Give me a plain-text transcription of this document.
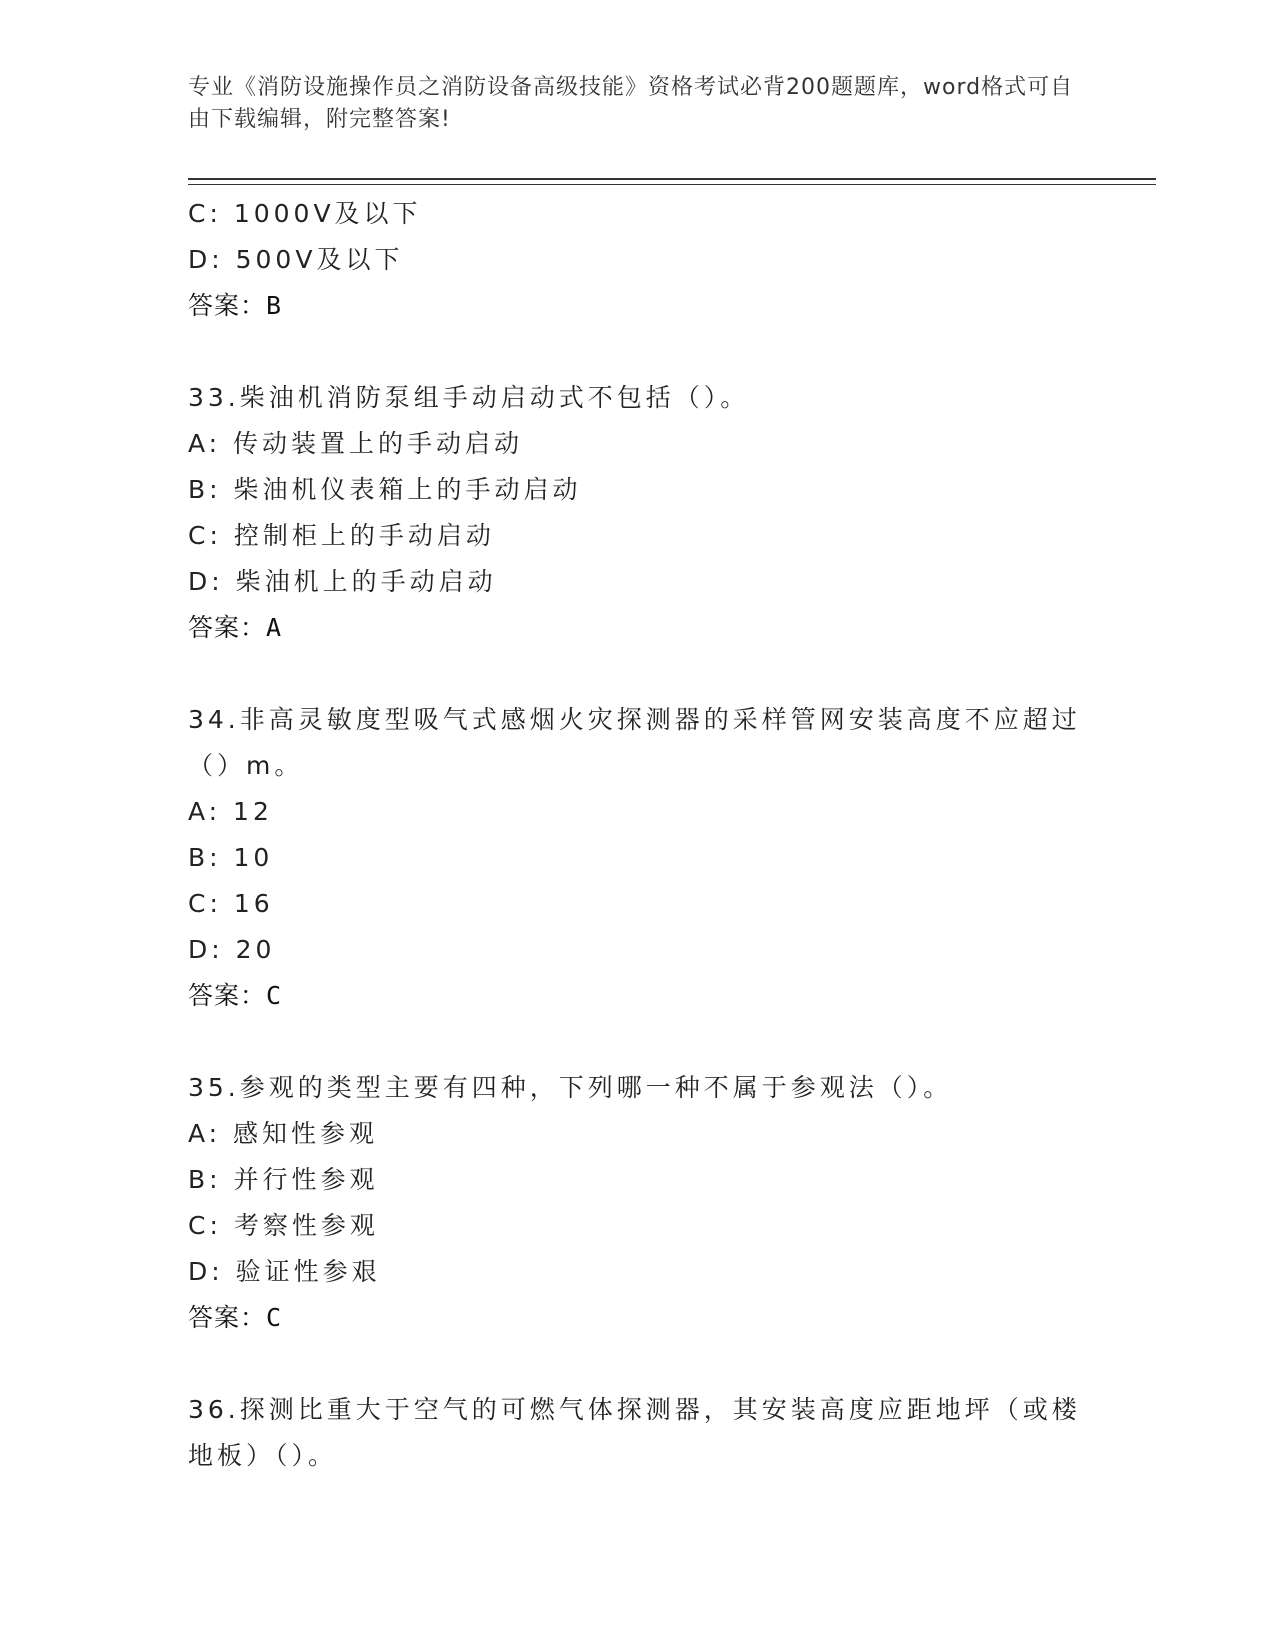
专业《消防设施操作员之消防设备高级技能》资格考试必背200题题库，word格式可自由下载编辑，附完整答案!
C: 1000V及以下
D: 500V及以下
答案：B
33.柴油机消防泵组手动启动式不包括（）。
A: 传动装置上的手动启动
B: 柴油机仪表箱上的手动启动
C: 控制柜上的手动启动
D: 柴油机上的手动启动
答案：A
34.非高灵敏度型吸气式感烟火灾探测器的采样管网安装高度不应超过（）m。
A: 12
B: 10
C: 16
D: 20
答案：C
35.参观的类型主要有四种，下列哪一种不属于参观法（）。
A: 感知性参观
B: 并行性参观
C: 考察性参观
D: 验证性参艰
答案：C
36.探测比重大于空气的可燃气体探测器，其安装高度应距地坪（或楼地板）（）。
